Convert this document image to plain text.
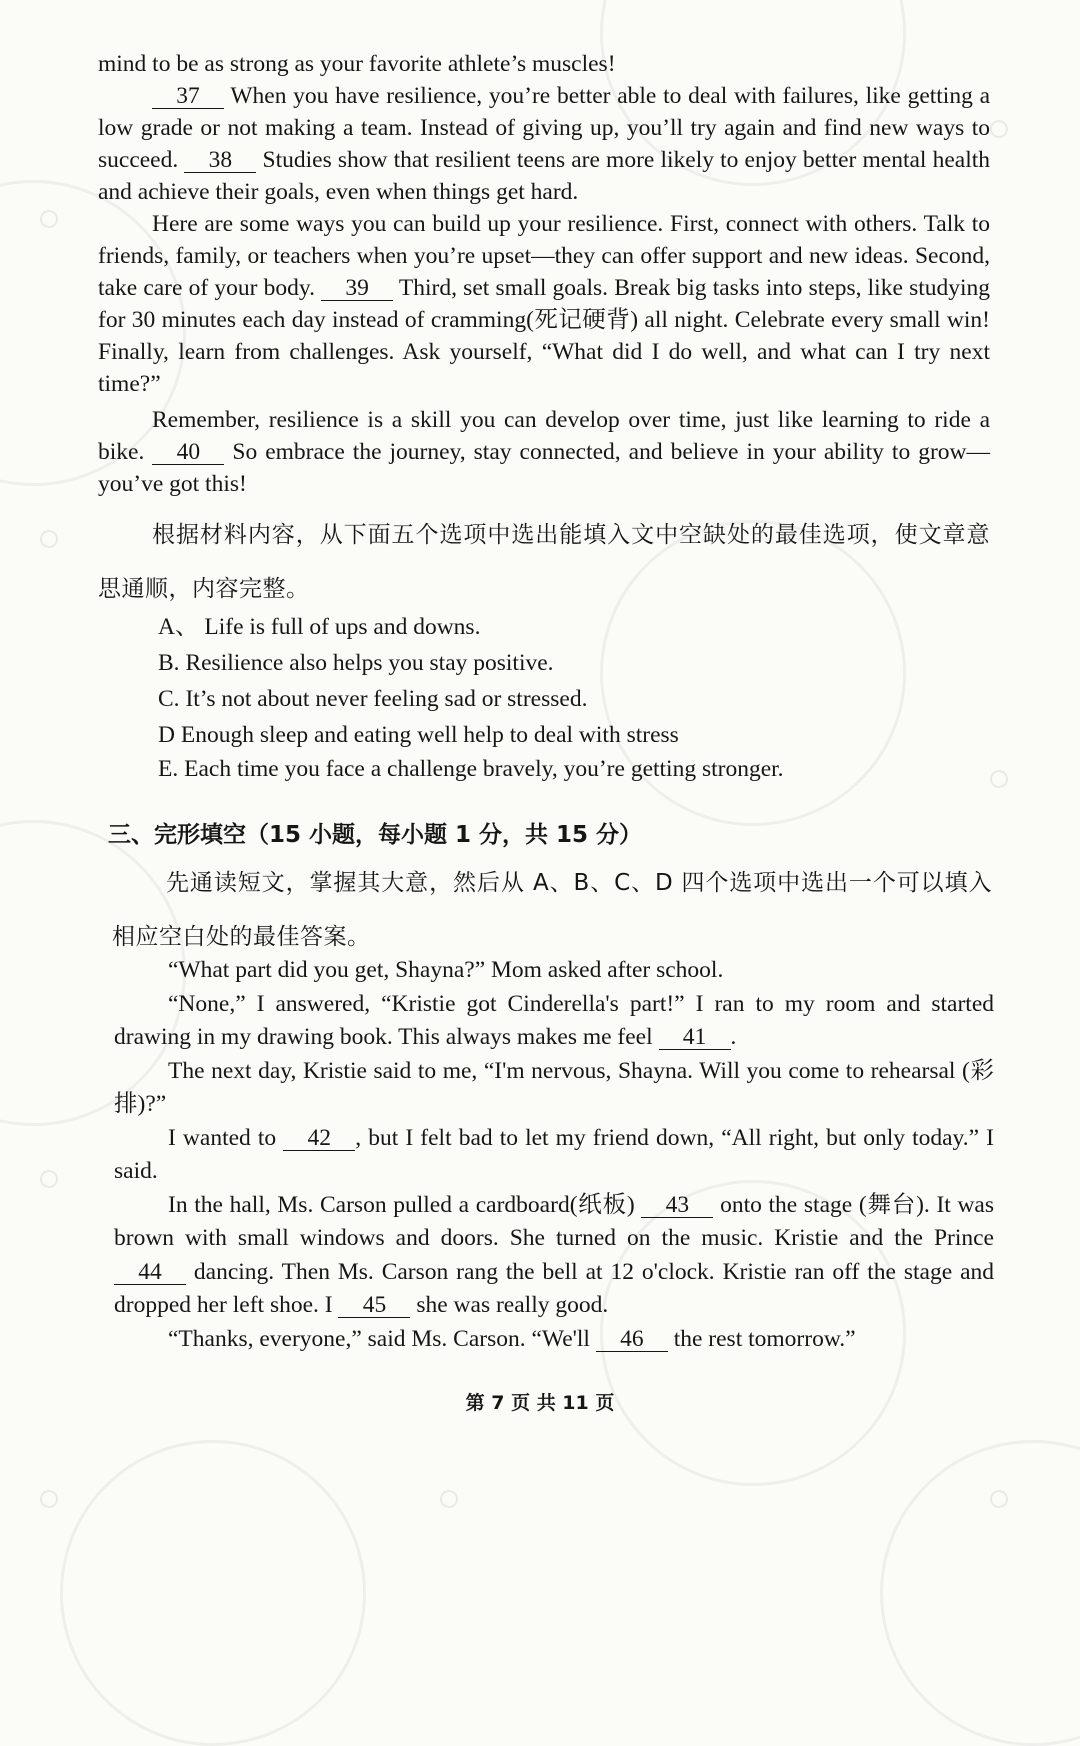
mind to be as strong as your favorite athlete’s muscles!
37 When you have resilience, you’re better able to deal with failures, like getting a low grade or not making a team. Instead of giving up, you’ll try again and find new ways to succeed. 38 Studies show that resilient teens are more likely to enjoy better mental health and achieve their goals, even when things get hard.
Here are some ways you can build up your resilience. First, connect with others. Talk to friends, family, or teachers when you’re upset—they can offer support and new ideas. Second, take care of your body. 39 Third, set small goals. Break big tasks into steps, like studying for 30 minutes each day instead of cramming(死记硬背) all night. Celebrate every small win! Finally, learn from challenges. Ask yourself, “What did I do well, and what can I try next time?”
Remember, resilience is a skill you can develop over time, just like learning to ride a bike. 40 So embrace the journey, stay connected, and believe in your ability to grow—you’ve got this!
根据材料内容，从下面五个选项中选出能填入文中空缺处的最佳选项，使文章意思通顺，内容完整。
A、 Life is full of ups and downs.
B. Resilience also helps you stay positive.
C. It’s not about never feeling sad or stressed.
D Enough sleep and eating well help to deal with stress
E. Each time you face a challenge bravely, you’re getting stronger.
三、完形填空（15 小题，每小题 1 分，共 15 分）
先通读短文，掌握其大意，然后从 A、B、C、D 四个选项中选出一个可以填入相应空白处的最佳答案。
“What part did you get, Shayna?” Mom asked after school.
“None,” I answered, “Kristie got Cinderella's part!” I ran to my room and started drawing in my drawing book. This always makes me feel 41 .
The next day, Kristie said to me, “I'm nervous, Shayna. Will you come to rehearsal (彩排)?”
I wanted to 42 , but I felt bad to let my friend down, “All right, but only today.” I said.
In the hall, Ms. Carson pulled a cardboard(纸板) 43 onto the stage (舞台). It was brown with small windows and doors. She turned on the music. Kristie and the Prince 44 dancing. Then Ms. Carson rang the bell at 12 o'clock. Kristie ran off the stage and dropped her left shoe. I 45 she was really good.
“Thanks, everyone,” said Ms. Carson. “We'll 46 the rest tomorrow.”
第 7 页 共 11 页
